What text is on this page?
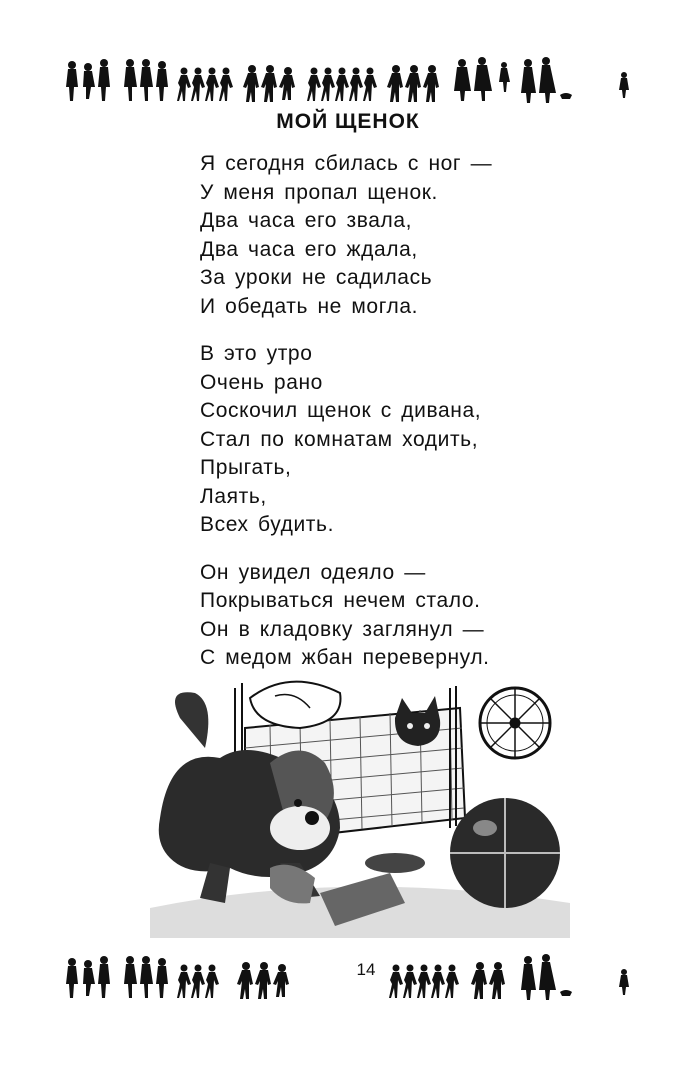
МОЙ ЩЕНОК
Я сегодня сбилась с ног —
У меня пропал щенок.
Два часа его звала,
Два часа его ждала,
За уроки не садилась
И обедать не могла.
В это утро
Очень рано
Соскочил щенок с дивана,
Стал по комнатам ходить,
Прыгать,
Лаять,
Всех будить.
Он увидел одеяло —
Покрываться нечем стало.
Он в кладовку заглянул —
С медом жбан перевернул.
14
